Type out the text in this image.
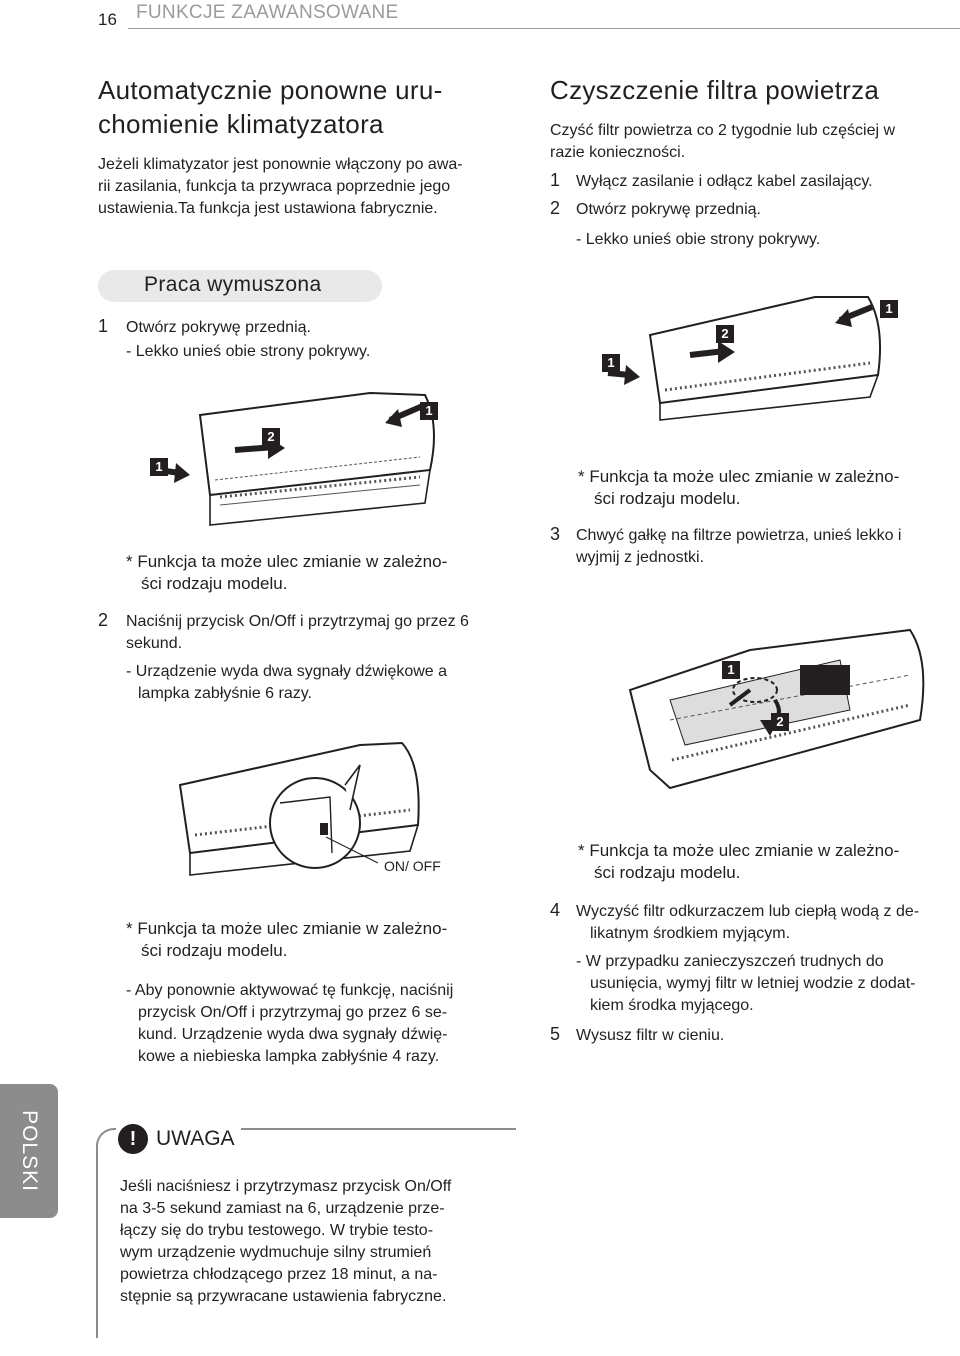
16 FUNKCJE ZAAWANSOWANE
Automatycznie ponowne uru-
chomienie klimatyzatora
Jeżeli klimatyzator jest ponownie włączony po awa-
rii zasilania, funkcja ta przywraca poprzednie jego
ustawienia.Ta funkcja jest ustawiona fabrycznie.
Praca wymuszona
1 Otwórz pokrywę przednią.
- Lekko unieś obie strony pokrywy.
1
2
1
* Funkcja ta może ulec zmianie w zależno-
ści rodzaju modelu.
2 Naciśnij przycisk On/Off i przytrzymaj go przez 6
sekund.
- Urządzenie wyda dwa sygnały dźwiękowe a
lampka zabłyśnie 6 razy.
ON/ OFF
* Funkcja ta może ulec zmianie w zależno-
ści rodzaju modelu.
- Aby ponownie aktywować tę funkcję, naciśnij
przycisk On/Off i przytrzymaj go przez 6 se-
kund. Urządzenie wyda dwa sygnały dźwię-
kowe a niebieska lampka zabłyśnie 4 razy.
Czyszczenie filtra powietrza
Czyść filtr powietrza co 2 tygodnie lub częściej w
razie konieczności.
1 Wyłącz zasilanie i odłącz kabel zasilający.
2 Otwórz pokrywę przednią.
- Lekko unieś obie strony pokrywy.
1
2
1
* Funkcja ta może ulec zmianie w zależno-
ści rodzaju modelu.
3 Chwyć gałkę na filtrze powietrza, unieś lekko i
wyjmij z jednostki.
1
2
* Funkcja ta może ulec zmianie w zależno-
ści rodzaju modelu.
4 Wyczyść filtr odkurzaczem lub ciepłą wodą z de-
likatnym środkiem myjącym.
- W przypadku zanieczyszczeń trudnych do
usunięcia, wymyj filtr w letniej wodzie z dodat-
kiem środka myjącego.
5 Wysusz filtr w cieniu.
POLSKI	! UWAGA
Jeśli naciśniesz i przytrzymasz przycisk On/Off
na 3-5 sekund zamiast na 6, urządzenie prze-
łączy się do trybu testowego. W trybie testo-
wym urządzenie wydmuchuje silny strumień
powietrza chłodzącego przez 18 minut, a na-
stępnie są przywracane ustawienia fabryczne.
